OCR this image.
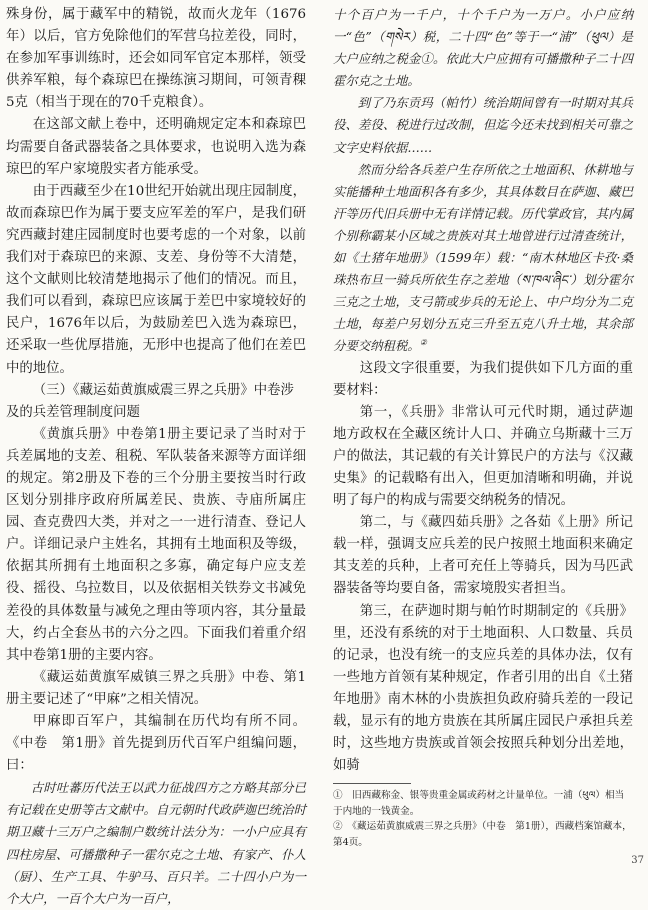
殊身份，属于藏军中的精锐，故而火龙年（1676年）以后，官方免除他们的军营乌拉差役，同时，在参加军事训练时，还会如同军官定本那样，领受供养军粮，每个森琼巴在操练演习期间，可领青稞5克（相当于现在的70千克粮食）。

在这部文献上卷中，还明确规定定本和森琼巴均需要自备武器装备之具体要求，也说明入选为森琼巴的军户家境殷实者方能承受。

由于西藏至少在10世纪开始就出现庄园制度，故而森琼巴作为属于要支应军差的军户，是我们研究西藏封建庄园制度时也要考虑的一个对象，以前我们对于森琼巴的来源、支差、身份等不大清楚，这个文献则比较清楚地揭示了他们的情况。而且，我们可以看到，森琼巴应该属于差巴中家境较好的民户，1676年以后，为鼓励差巴入选为森琼巴，还采取一些优厚措施，无形中也提高了他们在差巴中的地位。

（三）《藏运茹黄旗威震三界之兵册》中卷涉及的兵差管理制度问题

《黄旗兵册》中卷第1册主要记录了当时对于兵差属地的支差、租税、军队装备来源等方面详细的规定。第2册及下卷的三个分册主要按当时行政区划分别排序政府所属差民、贵族、寺庙所属庄园、查克费四大类，并对之一一进行清查、登记人户。详细记录户主姓名，其拥有土地面积及等级，依据其所拥有土地面积之多寡，确定每户应支差役、摇役、乌拉数目，以及依据相关铁券文书减免差役的具体数量与减免之理由等项内容，其分量最大，约占全套丛书的六分之四。下面我们着重介绍其中卷第1册的主要内容。

《藏运茹黄旗军威镇三界之兵册》中卷、第1册主要记述了“甲麻”之相关情况。

甲麻即百军户，其编制在历代均有所不同。《中卷　第1册》首先提到历代百军户组编问题，曰：

古时吐蕃历代法王以武力征战四方之方略其部分已有记载在史册等古文献中。自元朝时代政萨迦巴统治时期卫藏十三万户之编制户数统计法分为：一小户应具有四柱房屋、可播撒种子一霍尔克之土地、有家产、仆人（厨）、生产工具、牛驴马、百只羊。二十四小户为一个大户，一百个大户为一百户，

十个百户为一千户，十个千户为一万户。小户应纳一“色”（གསེར）税，二十四“色”等于一“浦”（ཕུལ）是大户应纳之税金①。依此大户应拥有可播撒种子二十四霍尔克之土地。

到了乃东贡玛（帕竹）统治期间曾有一时期对其兵役、差役、税进行过改制，但迄今还未找到相关可靠之文字史料依据……

然而分给各兵差户生存所依之土地面积、休耕地与实能播种土地面积各有多少，其具体数目在萨迦、藏巴汗等历代旧兵册中无有详情记载。历代掌政官，其内属个别称霸某小区域之贵族对其土地曾进行过清查统计，如《土猪年地册》（1599年）载：“南木林地区卡孜·桑珠热布旦一骑兵所依生存之差地（ས་ཁལ་ཞིང་）划分霍尔三克之土地，支弓箭或步兵的无论上、中户均分为二克土地，每差户另划分五克三升至五克八升土地，其余部分要交纳租税。②

这段文字很重要，为我们提供如下几方面的重要材料：

第一，《兵册》非常认可元代时期，通过萨迦地方政权在全藏区统计人口、并确立乌斯藏十三万户的做法，其记载的有关计算民户的方法与《汉藏史集》的记载略有出入，但更加清晰和明确，并说明了每户的构成与需要交纳税务的情况。

第二，与《藏四茹兵册》之各茹《上册》所记载一样，强调支应兵差的民户按照土地面积来确定其支差的兵种，上者可充任上等骑兵，因为马匹武器装备等均要自备，需家境殷实者担当。

第三，在萨迦时期与帕竹时期制定的《兵册》里，还没有系统的对于土地面积、人口数量、兵员的记录，也没有统一的支应兵差的具体办法，仅有一些地方首领有某种规定，作者引用的出自《土猪年地册》南木林的小贵族担负政府骑兵差的一段记载，显示有的地方贵族在其所属庄园民户承担兵差时，这些地方贵族或首领会按照兵种划分出差地，如骑

①　旧西藏称金、银等贵重金属或药材之计量单位。一浦（ཕུལ）相当于内地的一钱黄金。

②　《藏运茹黄旗威震三界之兵册》（中卷　第1册），西藏档案馆藏本，第4页。

37
